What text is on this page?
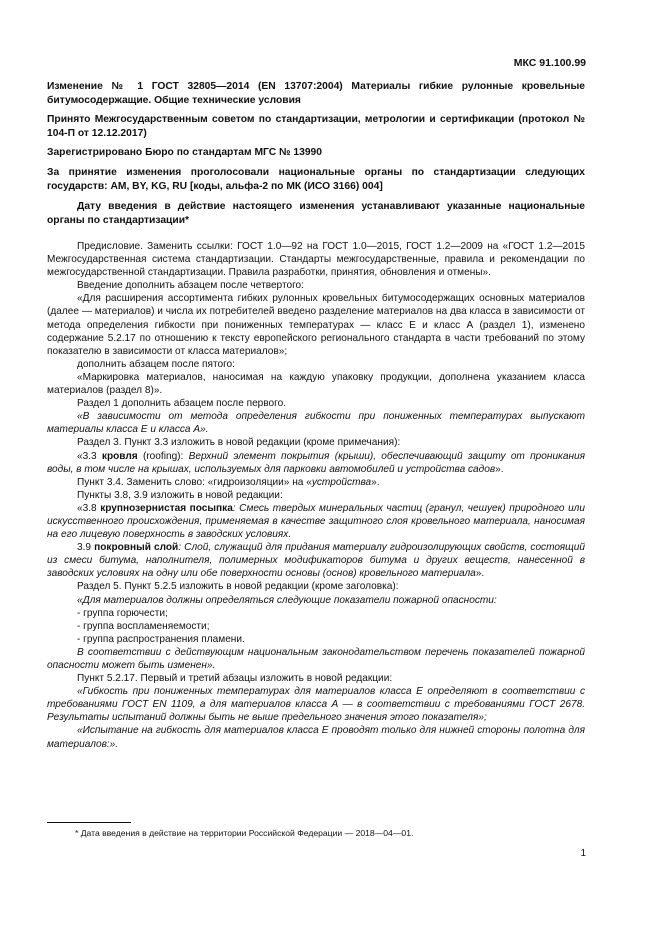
МКС 91.100.99
Изменение № 1 ГОСТ 32805—2014 (EN 13707:2004) Материалы гибкие рулонные кровельные битумосодержащие. Общие технические условия
Принято Межгосударственным советом по стандартизации, метрологии и сертификации (протокол № 104-П от 12.12.2017)
Зарегистрировано Бюро по стандартам МГС № 13990
За принятие изменения проголосовали национальные органы по стандартизации следующих государств: AM, BY, KG, RU [коды, альфа-2 по МК (ИСО 3166) 004]
Дату введения в действие настоящего изменения устанавливают указанные национальные органы по стандартизации*

Предисловие. Заменить ссылки: ГОСТ 1.0—92 на ГОСТ 1.0—2015, ГОСТ 1.2—2009 на «ГОСТ 1.2—2015 Межгосударственная система стандартизации. Стандарты межгосударственные, правила и рекомендации по межгосударственной стандартизации. Правила разработки, принятия, обновления и отмены».

Введение дополнить абзацем после четвертого:

«Для расширения ассортимента гибких рулонных кровельных битумосодержащих основных материалов (далее — материалов) и числа их потребителей введено разделение материалов на два класса в зависимости от метода определения гибкости при пониженных температурах — класс Е и класс А (раздел 1), изменено содержание 5.2.17 по отношению к тексту европейского регионального стандарта в части требований по этому показателю в зависимости от класса материалов»;

дополнить абзацем после пятого:

«Маркировка материалов, наносимая на каждую упаковку продукции, дополнена указанием класса материалов (раздел 8)».

Раздел 1 дополнить абзацем после первого.

«В зависимости от метода определения гибкости при пониженных температурах выпускают материалы класса Е и класса А».

Раздел 3. Пункт 3.3 изложить в новой редакции (кроме примечания):

«3.3 кровля (roofing): Верхний элемент покрытия (крыши), обеспечивающий защиту от проникания воды, в том числе на крышах, используемых для парковки автомобилей и устройства садов».

Пункт 3.4. Заменить слово: «гидроизоляции» на «устройства».

Пункты 3.8, 3.9 изложить в новой редакции:

«3.8 крупнозернистая посыпка: Смесь твердых минеральных частиц (гранул, чешуек) природного или искусственного происхождения, применяемая в качестве защитного слоя кровельного материала, наносимая на его лицевую поверхность в заводских условиях.

3.9 покровный слой: Слой, служащий для придания материалу гидроизолирующих свойств, состоящий из смеси битума, наполнителя, полимерных модификаторов битума и других веществ, нанесенной в заводских условиях на одну или обе поверхности основы (основ) кровельного материала».

Раздел 5. Пункт 5.2.5 изложить в новой редакции (кроме заголовка):

«Для материалов должны определяться следующие показатели пожарной опасности:

- группа горючести;

- группа воспламеняемости;

- группа распространения пламени.

В соответствии с действующим национальным законодательством перечень показателей пожарной опасности может быть изменен».

Пункт 5.2.17. Первый и третий абзацы изложить в новой редакции:

«Гибкость при пониженных температурах для материалов класса Е определяют в соответствии с требованиями ГОСТ EN 1109, а для материалов класса А — в соответствии с требованиями ГОСТ 2678. Результаты испытаний должны быть не выше предельного значения этого показателя»;

«Испытание на гибкость для материалов класса Е проводят только для нижней стороны полотна для материалов:».

* Дата введения в действие на территории Российской Федерации — 2018—04—01.
1
